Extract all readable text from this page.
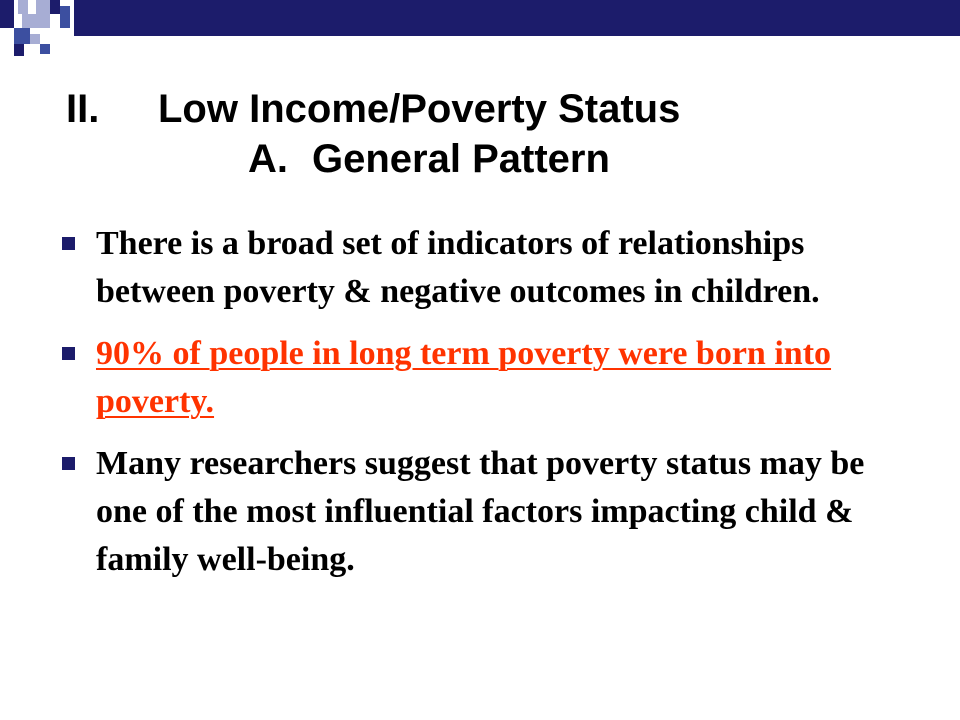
II.	Low Income/Poverty Status
A. General Pattern
There is a broad set of indicators of relationships between poverty & negative outcomes in children.
90% of people in long term poverty were born into poverty.
Many researchers suggest that poverty status may be one of the most influential factors impacting child & family well-being.
